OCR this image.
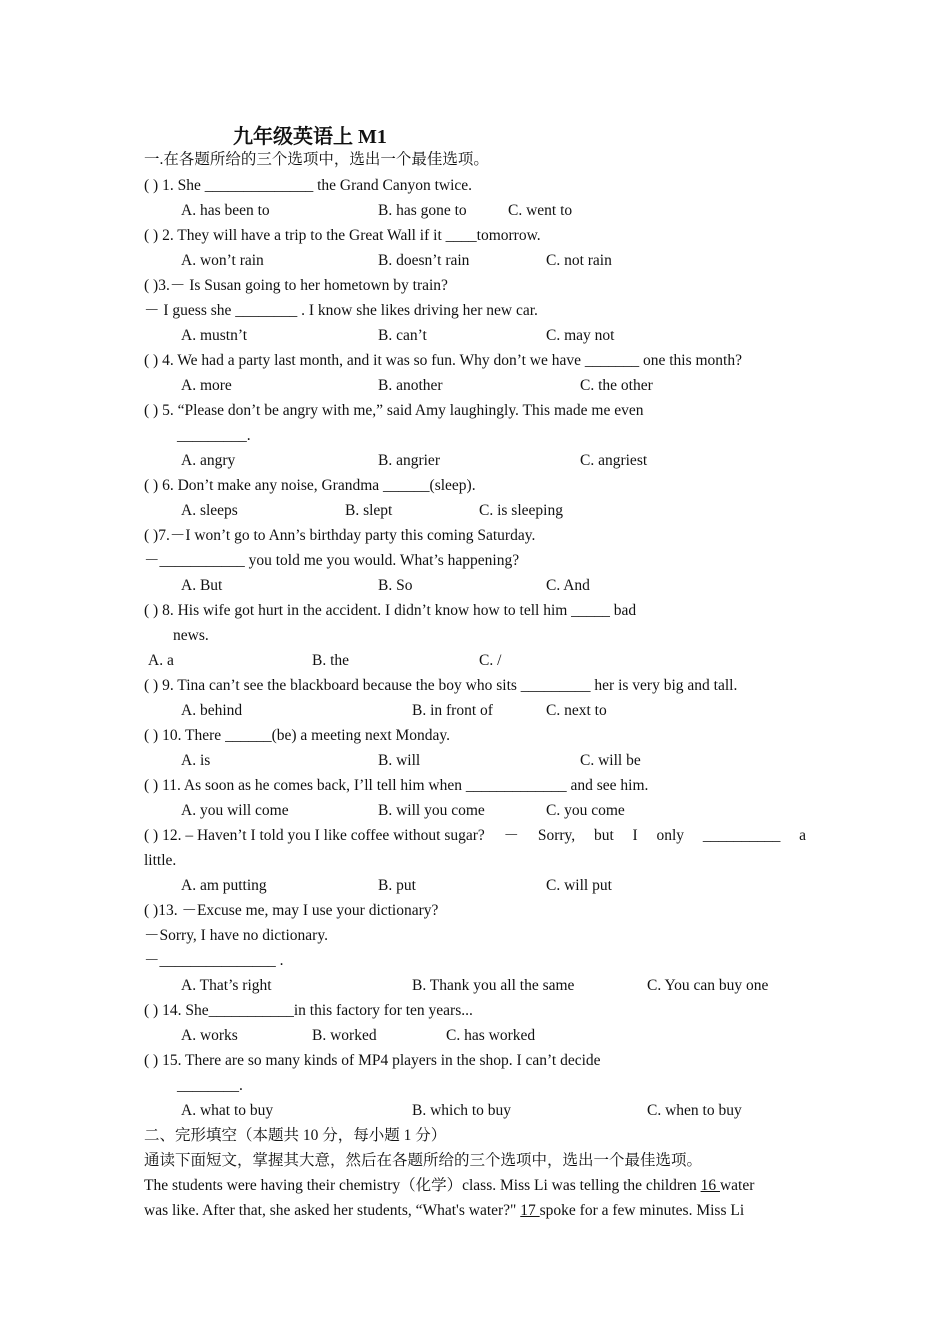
九年级英语上 M1
一.在各题所给的三个选项中，选出一个最佳选项。
( ) 1. She ______________ the Grand Canyon twice.
A. has been to	B. has gone to	C. went to
( ) 2. They will have a trip to the Great Wall if it ____tomorrow.
A. won’t rain	B. doesn’t rain	C. not rain
( )3.－ Is Susan going to her hometown by train?
－ I guess she ________ . I know she likes driving her new car.
A. mustn’t	B. can’t	C. may not
( ) 4. We had a party last month, and it was so fun. Why don’t we have _______ one this month?
A. more	B. another	C. the other
( ) 5. “Please don’t be angry with me,” said Amy laughingly. This made me even
_________.
A. angry	B. angrier	C. angriest
( ) 6. Don’t make any noise, Grandma ______(sleep).
A. sleeps	B. slept	C. is sleeping
( )7.－I won’t go to Ann’s birthday party this coming Saturday.
－___________ you told me you would. What’s happening?
A. But	B. So	C. And
( ) 8. His wife got hurt in the accident. I didn’t know how to tell him _____ bad
news.
A. a	B. the	C. /
( ) 9. Tina can’t see the blackboard because the boy who sits _________ her is very big and tall.
A. behind	B. in front of	C. next to
( ) 10. There ______(be) a meeting next Monday.
A. is	B. will	C. will be
( ) 11. As soon as he comes back, I’ll tell him when _____________ and see him.
A. you will come	B. will you come	C. you come
( ) 12. – Haven’t I told you I like coffee without sugar? － Sorry, but I only __________ a
little.
A. am putting	B. put	C. will put
( )13. －Excuse me, may I use your dictionary?
－Sorry, I have no dictionary.
－_______________ .
A. That’s right	B. Thank you all the same	C. You can buy one
( ) 14. She___________in this factory for ten years...
A. works	B. worked	C. has worked
( ) 15. There are so many kinds of MP4 players in the shop. I can’t decide
________.
A. what to buy	B. which to buy	C. when to buy
二、完形填空（本题共 10 分，每小题 1 分）
通读下面短文，掌握其大意，然后在各题所给的三个选项中，选出一个最佳选项。
The students were having their chemistry（化学）class. Miss Li was telling the children 16 water
was like. After that, she asked her students, “What's water?" 17 spoke for a few minutes. Miss Li
